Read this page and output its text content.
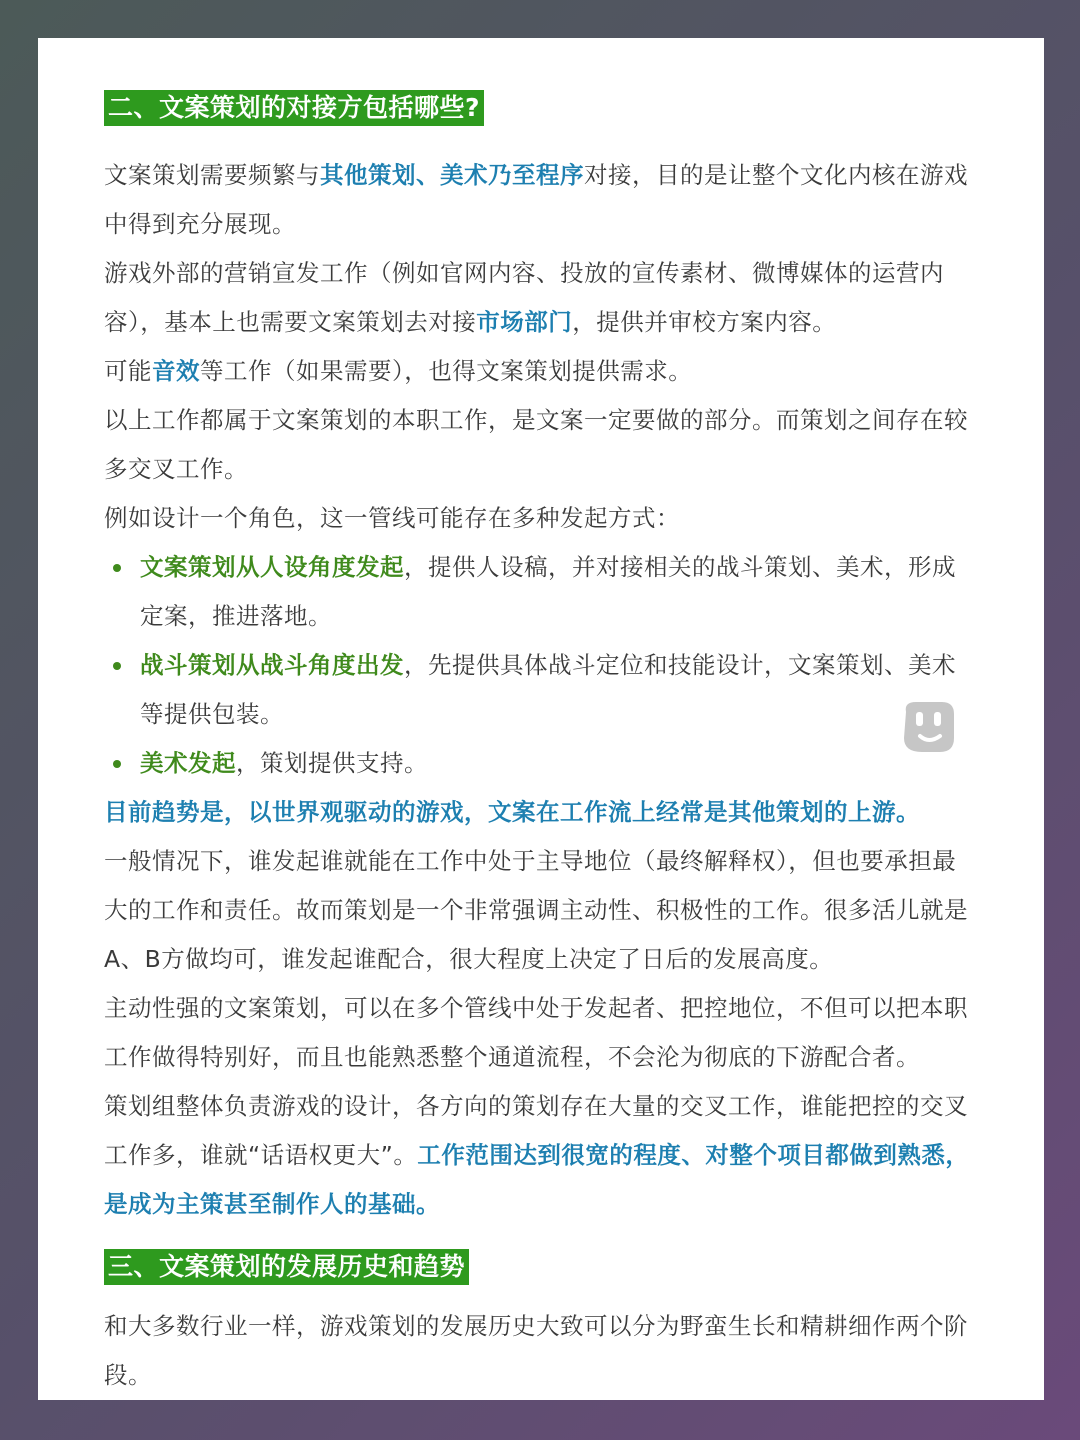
二、文案策划的对接方包括哪些?

文案策划需要频繁与其他策划、美术乃至程序对接，目的是让整个文化内核在游戏中得到充分展现。

游戏外部的营销宣发工作（例如官网内容、投放的宣传素材、微博媒体的运营内容），基本上也需要文案策划去对接市场部门，提供并审校方案内容。

可能音效等工作（如果需要），也得文案策划提供需求。

以上工作都属于文案策划的本职工作，是文案一定要做的部分。而策划之间存在较多交叉工作。

例如设计一个角色，这一管线可能存在多种发起方式：

文案策划从人设角度发起，提供人设稿，并对接相关的战斗策划、美术，形成定案，推进落地。
战斗策划从战斗角度出发，先提供具体战斗定位和技能设计，文案策划、美术等提供包装。
美术发起，策划提供支持。

目前趋势是，以世界观驱动的游戏，文案在工作流上经常是其他策划的上游。

一般情况下，谁发起谁就能在工作中处于主导地位（最终解释权），但也要承担最大的工作和责任。故而策划是一个非常强调主动性、积极性的工作。很多活儿就是A、B方做均可，谁发起谁配合，很大程度上决定了日后的发展高度。

主动性强的文案策划，可以在多个管线中处于发起者、把控地位，不但可以把本职工作做得特别好，而且也能熟悉整个通道流程，不会沦为彻底的下游配合者。

策划组整体负责游戏的设计，各方向的策划存在大量的交叉工作，谁能把控的交叉工作多，谁就“话语权更大”。工作范围达到很宽的程度、对整个项目都做到熟悉，是成为主策甚至制作人的基础。

三、文案策划的发展历史和趋势

和大多数行业一样，游戏策划的发展历史大致可以分为野蛮生长和精耕细作两个阶段。
